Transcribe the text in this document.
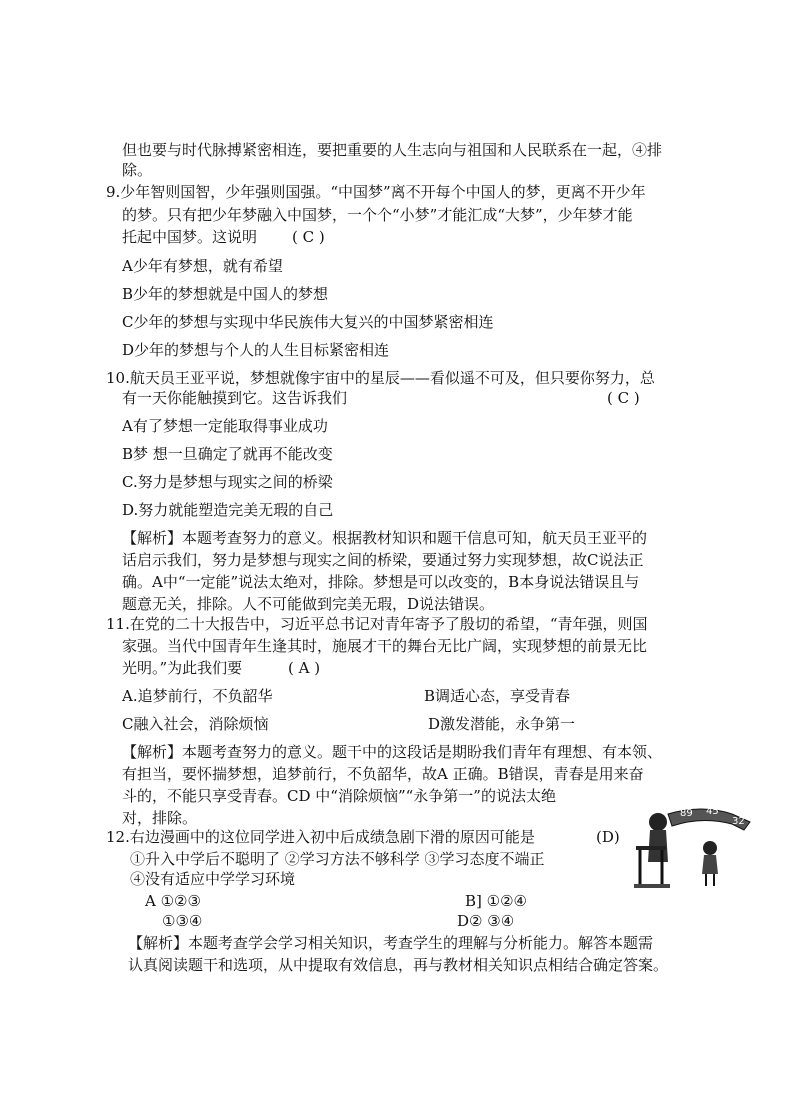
但也要与时代脉搏紧密相连，要把重要的人生志向与祖国和人民联系在一起，④排
除。
9.少年智则国智，少年强则国强。“中国梦”离不开每个中国人的梦，更离不开少年
的梦。只有把少年梦融入中国梦，一个个“小梦”才能汇成“大梦”，少年梦才能
托起中国梦。这说明 ( C )
A少年有梦想，就有希望
B少年的梦想就是中国人的梦想
C少年的梦想与实现中华民族伟大复兴的中国梦紧密相连
D少年的梦想与个人的人生目标紧密相连
10.航天员王亚平说，梦想就像宇宙中的星辰——看似遥不可及，但只要你努力，总
有一天你能触摸到它。这告诉我们	( C )
A有了梦想一定能取得事业成功
B梦 想一旦确定了就再不能改变
C.努力是梦想与现实之间的桥梁
D.努力就能塑造完美无瑕的自己
【解析】本题考查努力的意义。根据教材知识和题干信息可知，航天员王亚平的
话启示我们，努力是梦想与现实之间的桥梁，要通过努力实现梦想，故C说法正
确。A中“一定能”说法太绝对，排除。梦想是可以改变的，B本身说法错误且与
题意无关，排除。人不可能做到完美无瑕，D说法错误。
11.在党的二十大报告中，习近平总书记对青年寄予了殷切的希望，“青年强，则国
家强。当代中国青年生逢其时，施展才干的舞台无比广阔，实现梦想的前景无比
光明。”为此我们要	( A )
A.追梦前行，不负韶华	B调适心态，享受青春
C融入社会，消除烦恼	D激发潜能，永争第一
【解析】本题考查努力的意义。题干中的这段话是期盼我们青年有理想、有本领、
有担当，要怀揣梦想，追梦前行，不负韶华，故A 正确。B错误，青春是用来奋
斗的，不能只享受青春。CD 中“消除烦恼”“永争第一”的说法太绝
对，排除。
12.右边漫画中的这位同学进入初中后成绩急剧下滑的原因可能是	(D)
①升入中学后不聪明了 ②学习方法不够科学 ③学习态度不端正
④没有适应中学学习环境
A ①②③	B] ①②④
①③④	D② ③④
【解析】本题考查学会学习相关知识，考查学生的理解与分析能力。解答本题需
认真阅读题干和选项，从中提取有效信息，再与教材相关知识点相结合确定答案。
89 45
32
